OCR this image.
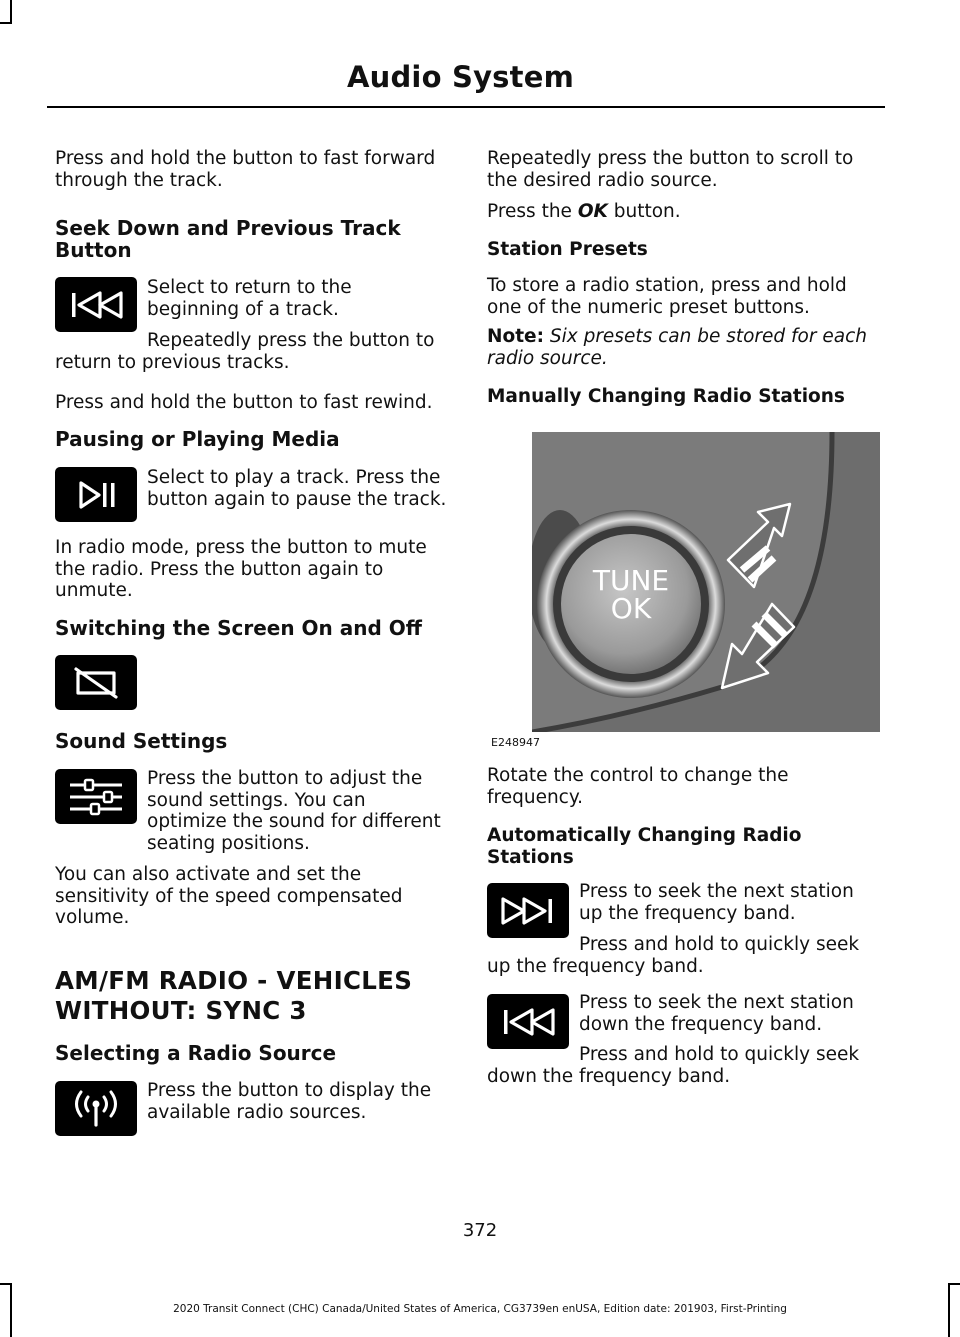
Audio System

Press and hold the button to fast forward through the track.

Seek Down and Previous Track Button

Select to return to the beginning of a track.

Repeatedly press the button to return to previous tracks.

Press and hold the button to fast rewind.

Pausing or Playing Media

Select to play a track. Press the button again to pause the track.

In radio mode, press the button to mute the radio. Press the button again to unmute.

Switching the Screen On and Off
Sound Settings

Press the button to adjust the sound settings. You can optimize the sound for different seating positions.

You can also activate and set the sensitivity of the speed compensated volume.

AM/FM RADIO - VEHICLES
WITHOUT: SYNC 3
Selecting a Radio Source

Press the button to display the available radio sources.

Repeatedly press the button to scroll to the desired radio source.

Press the OK button.

Station Presets

To store a radio station, press and hold one of the numeric preset buttons.

Note: Six presets can be stored for each radio source.

Manually Changing Radio Stations
TUNE
OK
E248947

Rotate the control to change the frequency.

Automatically Changing Radio Stations

Press to seek the next station up the frequency band.

Press and hold to quickly seek up the frequency band.

Press to seek the next station down the frequency band.

Press and hold to quickly seek down the frequency band.

372
2020 Transit Connect (CHC) Canada/United States of America, CG3739en enUSA, Edition date: 201903, First-Printing
